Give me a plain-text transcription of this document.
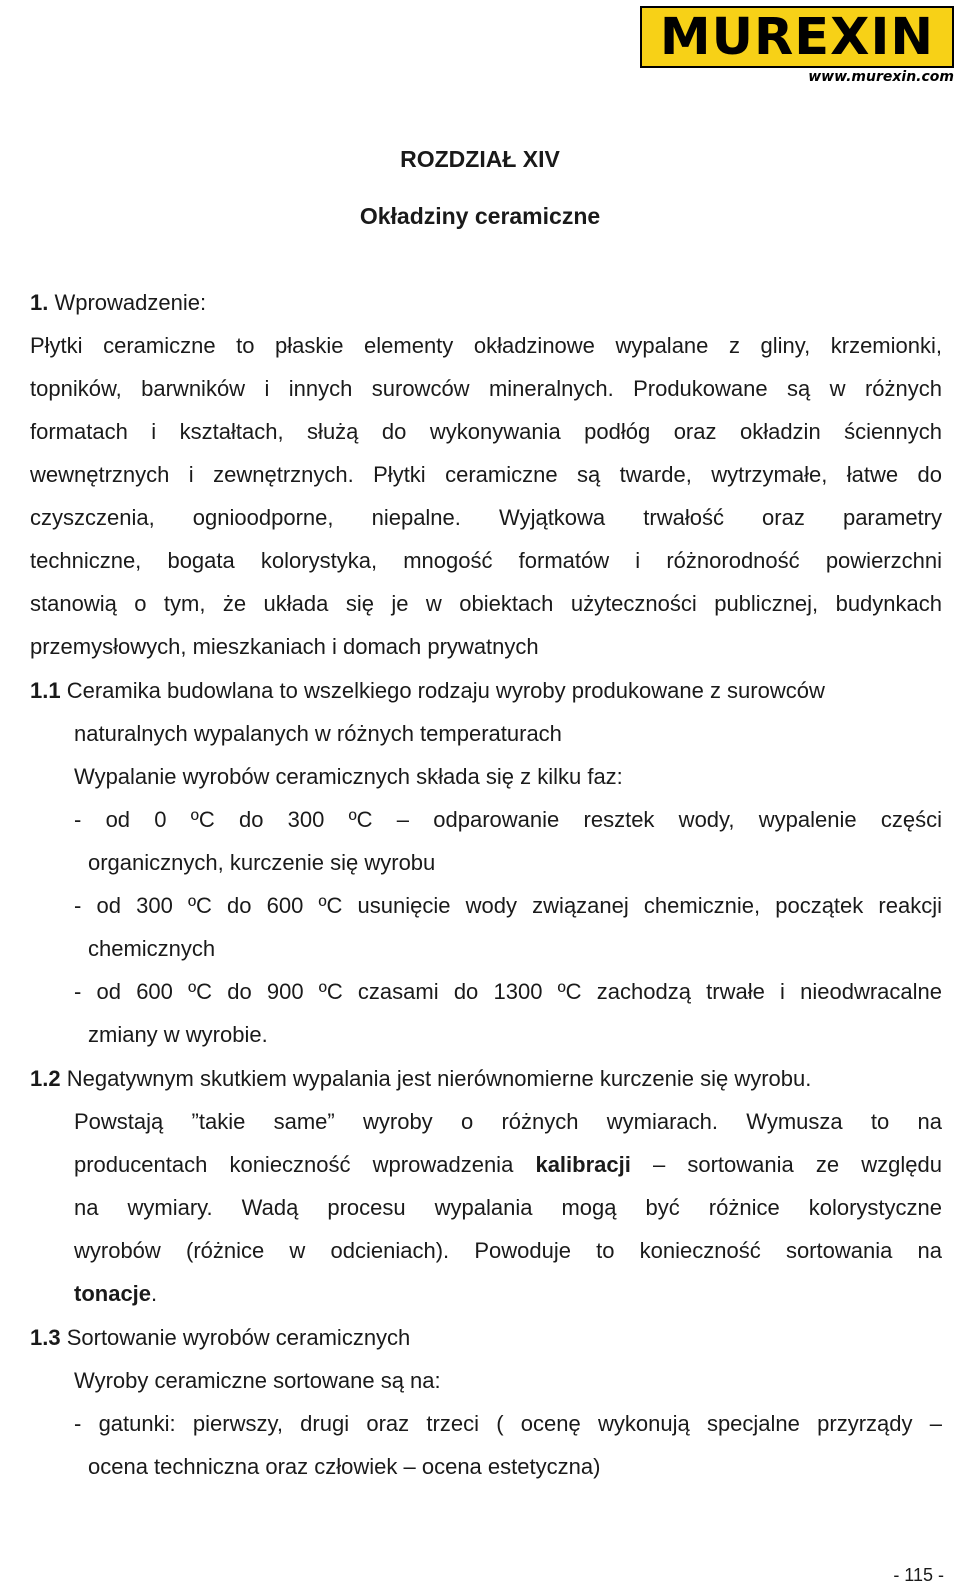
MUREXIN
www.murexin.com
ROZDZIAŁ XIV
Okładziny ceramiczne
1. Wprowadzenie:
Płytki ceramiczne to płaskie elementy okładzinowe wypalane z gliny, krzemionki,
topników, barwników i innych surowców mineralnych. Produkowane są w różnych
formatach i kształtach, służą do wykonywania podłóg oraz okładzin ściennych
wewnętrznych i zewnętrznych. Płytki ceramiczne są twarde, wytrzymałe, łatwe do
czyszczenia, ognioodporne, niepalne. Wyjątkowa trwałość oraz parametry
techniczne, bogata kolorystyka, mnogość formatów i różnorodność powierzchni
stanowią o tym, że układa się je w obiektach użyteczności publicznej, budynkach
przemysłowych, mieszkaniach i domach prywatnych
1.1 Ceramika budowlana to wszelkiego rodzaju wyroby produkowane z surowców
naturalnych wypalanych w różnych temperaturach
Wypalanie wyrobów ceramicznych składa się z kilku faz:
- od 0 ºC do 300 ºC – odparowanie resztek wody, wypalenie części
organicznych, kurczenie się wyrobu
- od 300 ºC do 600 ºC usunięcie wody związanej chemicznie, początek reakcji
chemicznych
- od 600 ºC do 900 ºC czasami do 1300 ºC zachodzą trwałe i nieodwracalne
zmiany w wyrobie.
1.2 Negatywnym skutkiem wypalania jest nierównomierne kurczenie się wyrobu.
Powstają ”takie same” wyroby o różnych wymiarach. Wymusza to na
producentach konieczność wprowadzenia kalibracji – sortowania ze względu
na wymiary. Wadą procesu wypalania mogą być różnice kolorystyczne
wyrobów (różnice w odcieniach). Powoduje to konieczność sortowania na
tonacje.
1.3 Sortowanie wyrobów ceramicznych
Wyroby ceramiczne sortowane są na:
- gatunki: pierwszy, drugi oraz trzeci ( ocenę wykonują specjalne przyrządy –
ocena techniczna oraz człowiek – ocena estetyczna)
- 115 -
